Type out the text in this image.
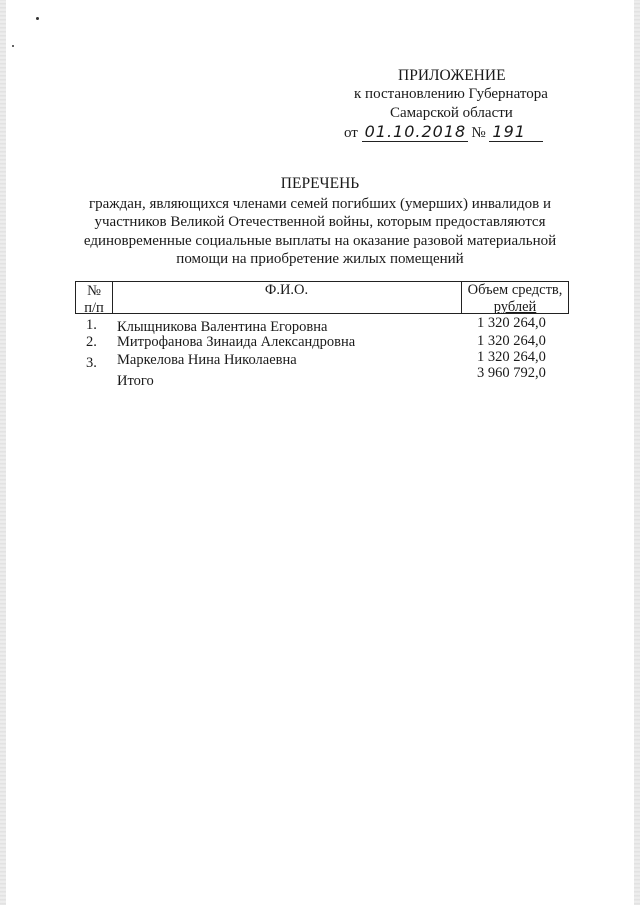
ПРИЛОЖЕНИЕ
к постановлению Губернатора
Самарской области
от 01.10.2018 № 191
ПЕРЕЧЕНЬ
граждан, являющихся членами семей погибших (умерших) инвалидов и
участников Великой Отечественной войны, которым предоставляются
единовременные социальные выплаты на оказание разовой материальной
помощи на приобретение жилых помещений
№
п/п
Ф.И.О.	Объем средств,
рублей
1.	Клыщникова Валентина Егоровна	1 320 264,0
2.	Митрофанова Зинаида Александровна	1 320 264,0
3.	Маркелова Нина Николаевна	1 320 264,0
Итого	3 960 792,0
